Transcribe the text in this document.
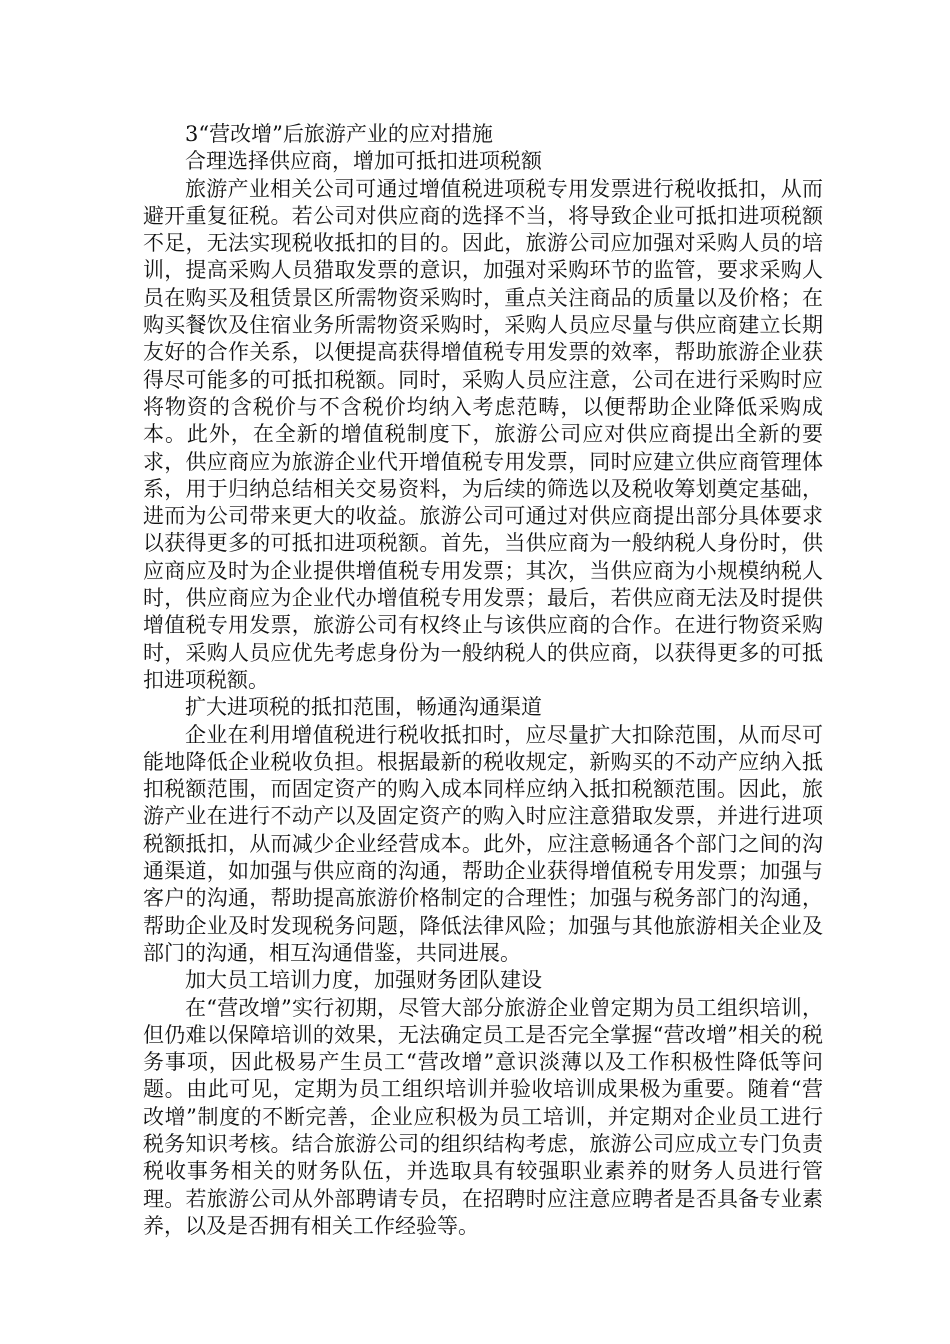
3“营改增”后旅游产业的应对措施

合理选择供应商，增加可抵扣进项税额

旅游产业相关公司可通过增值税进项税专用发票进行税收抵扣，从而避开重复征税。若公司对供应商的选择不当，将导致企业可抵扣进项税额不足，无法实现税收抵扣的目的。因此，旅游公司应加强对采购人员的培训，提高采购人员猎取发票的意识，加强对采购环节的监管，要求采购人员在购买及租赁景区所需物资采购时，重点关注商品的质量以及价格；在购买餐饮及住宿业务所需物资采购时，采购人员应尽量与供应商建立长期友好的合作关系，以便提高获得增值税专用发票的效率，帮助旅游企业获得尽可能多的可抵扣税额。同时，采购人员应注意，公司在进行采购时应将物资的含税价与不含税价均纳入考虑范畴，以便帮助企业降低采购成本。此外，在全新的增值税制度下，旅游公司应对供应商提出全新的要求，供应商应为旅游企业代开增值税专用发票，同时应建立供应商管理体系，用于归纳总结相关交易资料，为后续的筛选以及税收筹划奠定基础，进而为公司带来更大的收益。旅游公司可通过对供应商提出部分具体要求以获得更多的可抵扣进项税额。首先，当供应商为一般纳税人身份时，供应商应及时为企业提供增值税专用发票；其次，当供应商为小规模纳税人时，供应商应为企业代办增值税专用发票；最后，若供应商无法及时提供增值税专用发票，旅游公司有权终止与该供应商的合作。在进行物资采购时，采购人员应优先考虑身份为一般纳税人的供应商，以获得更多的可抵扣进项税额。

扩大进项税的抵扣范围，畅通沟通渠道

企业在利用增值税进行税收抵扣时，应尽量扩大扣除范围，从而尽可能地降低企业税收负担。根据最新的税收规定，新购买的不动产应纳入抵扣税额范围，而固定资产的购入成本同样应纳入抵扣税额范围。因此，旅游产业在进行不动产以及固定资产的购入时应注意猎取发票，并进行进项税额抵扣，从而减少企业经营成本。此外，应注意畅通各个部门之间的沟通渠道，如加强与供应商的沟通，帮助企业获得增值税专用发票；加强与客户的沟通，帮助提高旅游价格制定的合理性；加强与税务部门的沟通，帮助企业及时发现税务问题，降低法律风险；加强与其他旅游相关企业及部门的沟通，相互沟通借鉴，共同进展。

加大员工培训力度，加强财务团队建设

在“营改增”实行初期，尽管大部分旅游企业曾定期为员工组织培训，但仍难以保障培训的效果，无法确定员工是否完全掌握“营改增”相关的税务事项，因此极易产生员工“营改增”意识淡薄以及工作积极性降低等问题。由此可见，定期为员工组织培训并验收培训成果极为重要。随着“营改增”制度的不断完善，企业应积极为员工培训，并定期对企业员工进行税务知识考核。结合旅游公司的组织结构考虑，旅游公司应成立专门负责税收事务相关的财务队伍，并选取具有较强职业素养的财务人员进行管理。若旅游公司从外部聘请专员，在招聘时应注意应聘者是否具备专业素养，以及是否拥有相关工作经验等。
